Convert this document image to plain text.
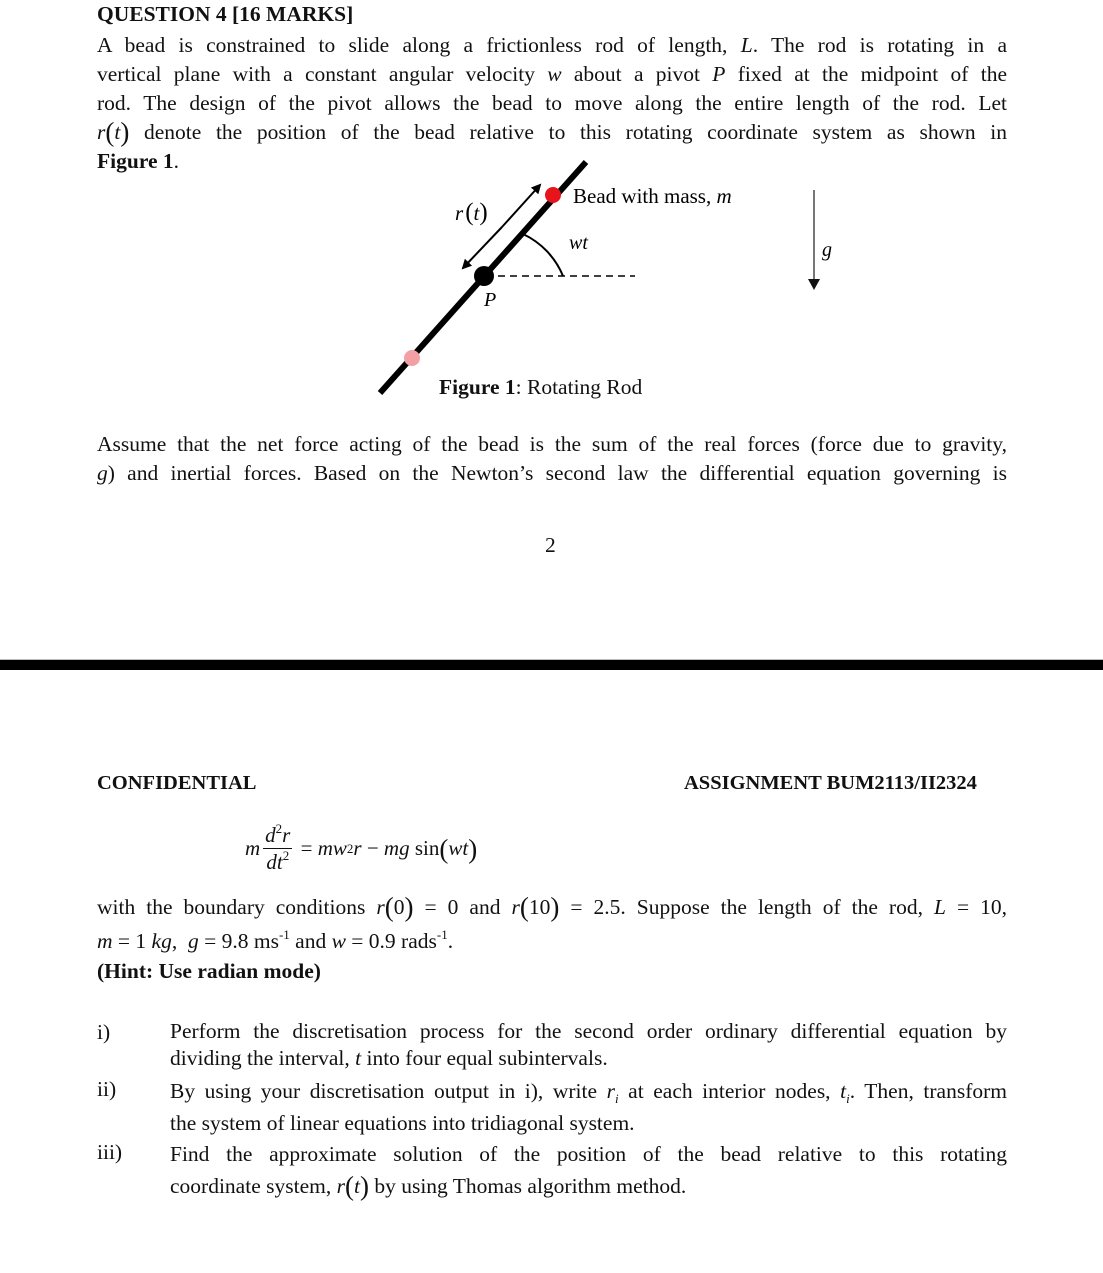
QUESTION 4 [16 MARKS]
A bead is constrained to slide along a frictionless rod of length, L. The rod is rotating in a
vertical plane with a constant angular velocity w about a pivot P fixed at the midpoint of the
rod. The design of the pivot allows the bead to move along the entire length of the rod. Let
r(t) denote the position of the bead relative to this rotating coordinate system as shown in
Figure 1.
r(t)
Bead with mass, m
wt
P
g
Figure 1: Rotating Rod
Assume that the net force acting of the bead is the sum of the real forces (force due to gravity,
g) and inertial forces. Based on the Newton’s second law the differential equation governing is
2
CONFIDENTIAL	ASSIGNMENT BUM2113/II2324
m $\frac{d^2r}{dt^2}$ = mw 2 r − mg sin ( wt )
with the boundary conditions r(0) = 0 and r(10) = 2.5. Suppose the length of the rod, L = 10,
m = 1 kg,  g = 9.8 $ms^{-1}$ and w = 0.9 rads$^{-1}$.
(Hint: Use radian mode)
i)	Perform the discretisation process for the second order ordinary differential equation by
dividing the interval, t into four equal subintervals.
ii)	By using your discretisation output in i), write $r_i$ at each interior nodes, $t_i$. Then, transform
the system of linear equations into tridiagonal system.
iii) Find the approximate solution of the position of the bead relative to this rotating
coordinate system, r(t) by using Thomas algorithm method.
